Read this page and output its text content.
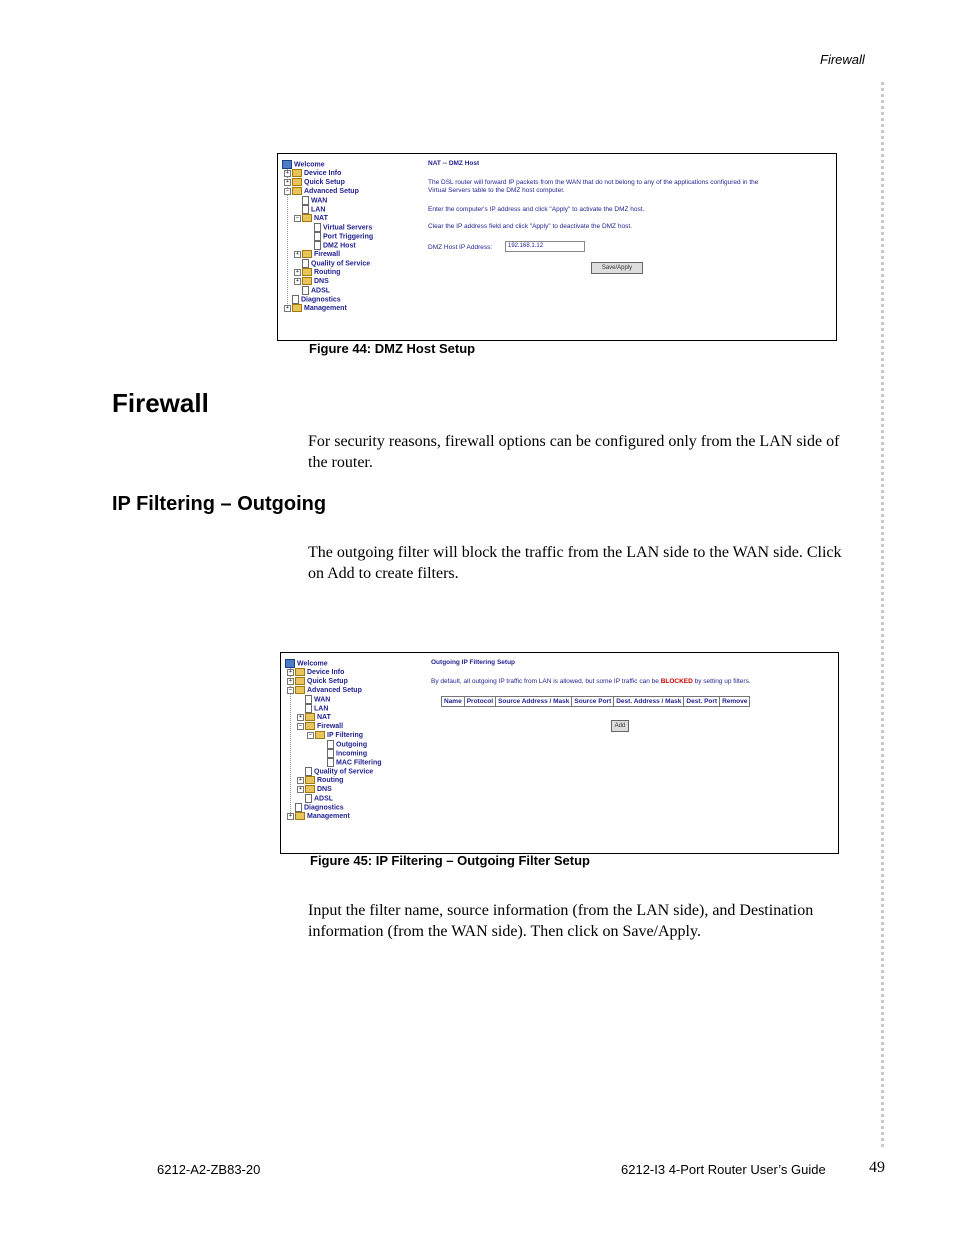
Firewall
Welcome
+ Device Info
+ Quick Setup
− Advanced Setup
WAN
LAN
− NAT
Virtual Servers
Port Triggering
DMZ Host
+ Firewall
Quality of Service
+ Routing
+ DNS
ADSL
Diagnostics
+ Management
NAT -- DMZ Host
The DSL router will forward IP packets from the WAN that do not belong to any of the applications configured in the
Virtual Servers table to the DMZ host computer.
Enter the computer's IP address and click "Apply" to activate the DMZ host.
Clear the IP address field and click "Apply" to deactivate the DMZ host.
DMZ Host IP Address:	192.168.1.12
Save/Apply
Figure 44: DMZ Host Setup
Firewall
For security reasons, firewall options can be configured only from the LAN side of the router.
IP Filtering – Outgoing
The outgoing filter will block the traffic from the LAN side to the WAN side. Click on Add to create filters.
Welcome
+ Device Info
+ Quick Setup
− Advanced Setup
WAN
LAN
+ NAT
− Firewall
− IP Filtering
Outgoing
Incoming
MAC Filtering
Quality of Service
+ Routing
+ DNS
ADSL
Diagnostics
+ Management
Outgoing IP Filtering Setup
By default, all outgoing IP traffic from LAN is allowed, but some IP traffic can be BLOCKED by setting up filters.
Name	Protocol	Source Address / Mask	Source Port	Dest. Address / Mask	Dest. Port	Remove
Add
Figure 45: IP Filtering – Outgoing Filter Setup
Input the filter name, source information (from the LAN side), and Destination information (from the WAN side). Then click on Save/Apply.
6212-A2-ZB83-20	6212-I3 4-Port Router User’s Guide	49
